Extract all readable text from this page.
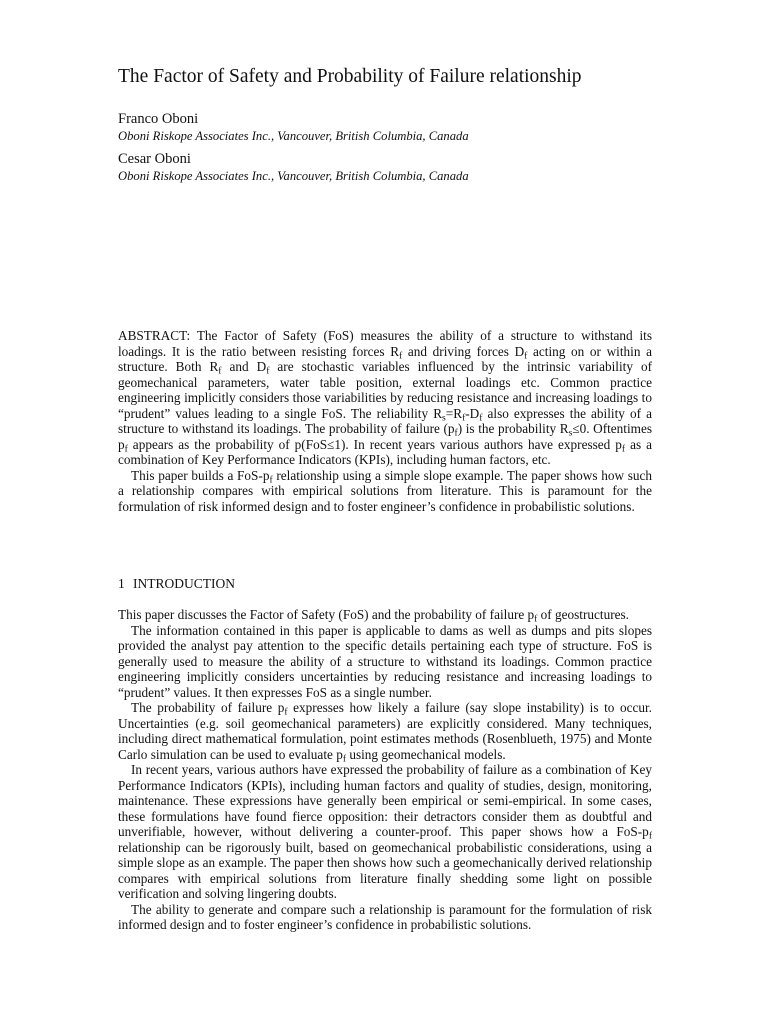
The Factor of Safety and Probability of Failure relationship
Franco Oboni
Oboni Riskope Associates Inc., Vancouver, British Columbia, Canada
Cesar Oboni
Oboni Riskope Associates Inc., Vancouver, British Columbia, Canada

ABSTRACT: The Factor of Safety (FoS) measures the ability of a structure to withstand its loadings. It is the ratio between resisting forces $R_f$ and driving forces $D_f$ acting on or within a structure. Both $R_f$ and $D_f$ are stochastic variables influenced by the intrinsic variability of geomechanical parameters, water table position, external loadings etc. Common practice engineering implicitly considers those variabilities by reducing resistance and increasing loadings to “prudent” values leading to a single FoS. The reliability $R_s=R_f-D_f$ also expresses the ability of a structure to withstand its loadings. The probability of failure $(p_f)$ is the probability $R_s\le 0$. Oftentimes $p_f$ appears as the probability of p(FoS≤1). In recent years various authors have expressed $p_f$ as a combination of Key Performance Indicators (KPIs), including human factors, etc.

This paper builds a FoS-$p_f$ relationship using a simple slope example. The paper shows how such a relationship compares with empirical solutions from literature. This is paramount for the formulation of risk informed design and to foster engineer’s confidence in probabilistic solutions.

1 INTRODUCTION

This paper discusses the Factor of Safety (FoS) and the probability of failure $p_f$ of geostructures.

The information contained in this paper is applicable to dams as well as dumps and pits slopes provided the analyst pay attention to the specific details pertaining each type of structure. FoS is generally used to measure the ability of a structure to withstand its loadings. Common practice engineering implicitly considers uncertainties by reducing resistance and increasing loadings to “prudent” values. It then expresses FoS as a single number.

The probability of failure $p_f$ expresses how likely a failure (say slope instability) is to occur. Uncertainties (e.g. soil geomechanical parameters) are explicitly considered. Many techniques, including direct mathematical formulation, point estimates methods (Rosenblueth, 1975) and Monte Carlo simulation can be used to evaluate $p_f$ using geomechanical models.

In recent years, various authors have expressed the probability of failure as a combination of Key Performance Indicators (KPIs), including human factors and quality of studies, design, monitoring, maintenance. These expressions have generally been empirical or semi-empirical. In some cases, these formulations have found fierce opposition: their detractors consider them as doubtful and unverifiable, however, without delivering a counter-proof. This paper shows how a FoS-$p_f$ relationship can be rigorously built, based on geomechanical probabilistic considerations, using a simple slope as an example. The paper then shows how such a geomechanically derived relationship compares with empirical solutions from literature finally shedding some light on possible verification and solving lingering doubts.

The ability to generate and compare such a relationship is paramount for the formulation of risk informed design and to foster engineer’s confidence in probabilistic solutions.
